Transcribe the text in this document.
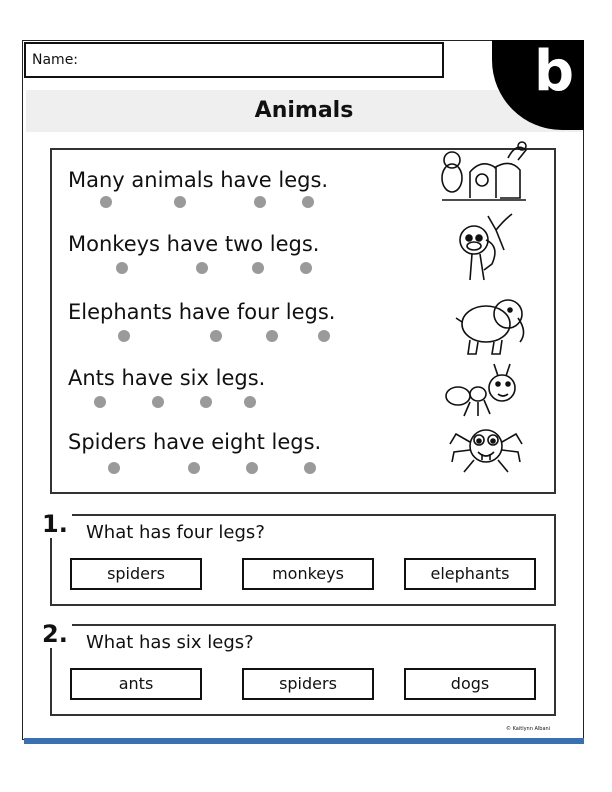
Animals
b
Name:
Many animals have legs.
Monkeys have two legs.
Elephants have four legs.
Ants have six legs.
Spiders have eight legs.
1. What has four legs?
spiders	monkeys	elephants
2. What has six legs?
ants	spiders	dogs
© Kaitlynn Albani
